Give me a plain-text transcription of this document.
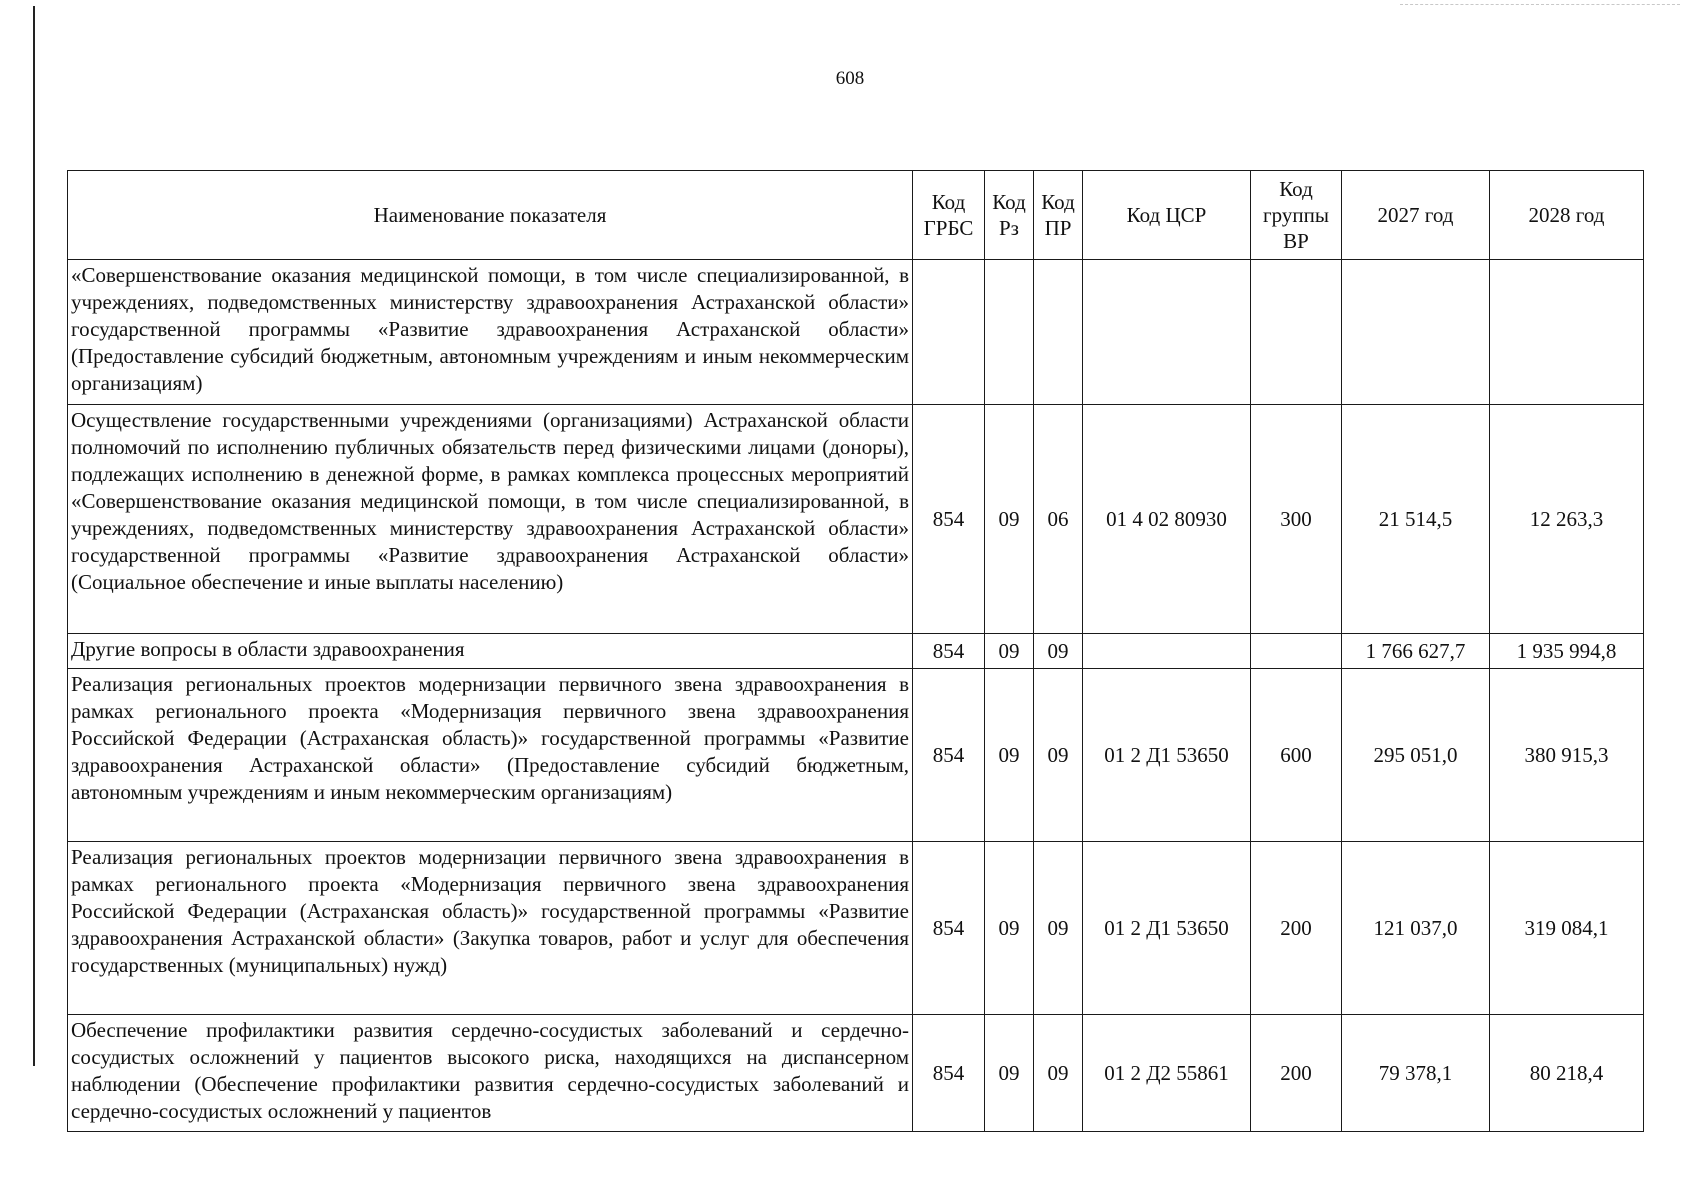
608
Наименование показателя	Код ГРБС	Код Рз	Код ПР	Код ЦСР	Код группы ВР	2027 год	2028 год
«Совершенствование оказания медицинской помощи, в том числе специализированной, в учреждениях, подведомственных министерству здравоохранения Астраханской области» государственной программы «Развитие здравоохранения Астраханской области» (Предоставление субсидий бюджетным, автономным учреждениям и иным некоммерческим организациям)							
Осуществление государственными учреждениями (организациями) Астраханской области полномочий по исполнению публичных обязательств перед физическими лицами (доноры), подлежащих исполнению в денежной форме, в рамках комплекса процессных мероприятий «Совершенствование оказания медицинской помощи, в том числе специализированной, в учреждениях, подведомственных министерству здравоохранения Астраханской области» государственной программы «Развитие здравоохранения Астраханской области» (Социальное обеспечение и иные выплаты населению)	854	09	06	01 4 02 80930	300	21 514,5	12 263,3
Другие вопросы в области здравоохранения	854	09	09			1 766 627,7	1 935 994,8
Реализация региональных проектов модернизации первичного звена здравоохранения в рамках регионального проекта «Модернизация первичного звена здравоохранения Российской Федерации (Астраханская область)» государственной программы «Развитие здравоохранения Астраханской области» (Предоставление субсидий бюджетным, автономным учреждениям и иным некоммерческим организациям)	854	09	09	01 2 Д1 53650	600	295 051,0	380 915,3
Реализация региональных проектов модернизации первичного звена здравоохранения в рамках регионального проекта «Модернизация первичного звена здравоохранения Российской Федерации (Астраханская область)» государственной программы «Развитие здравоохранения Астраханской области» (Закупка товаров, работ и услуг для обеспечения государственных (муниципальных) нужд)	854	09	09	01 2 Д1 53650	200	121 037,0	319 084,1

Обеспечение профилактики развития сердечно-сосудистых заболеваний и сердечно-сосудистых осложнений у пациентов высокого риска, находящихся на диспансерном наблюдении (Обеспечение профилактики развития сердечно-сосудистых заболеваний и сердечно-сосудистых осложнений у пациентов	854	09	09	01 2 Д2 55861	200	79 378,1	80 218,4
